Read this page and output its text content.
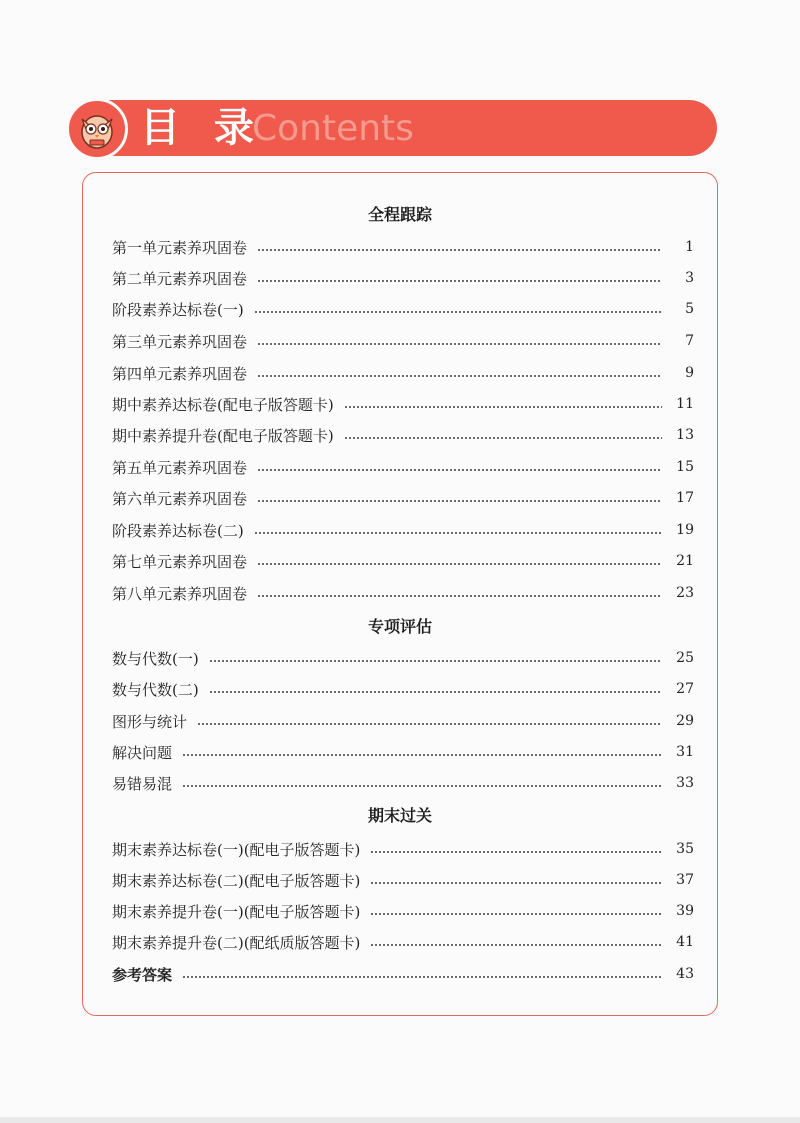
目 录
Contents
全程跟踪
第一单元素养巩固卷	1
第二单元素养巩固卷	3
阶段素养达标卷(一)	5
第三单元素养巩固卷	7
第四单元素养巩固卷	9
期中素养达标卷(配电子版答题卡)	11
期中素养提升卷(配电子版答题卡)	13
第五单元素养巩固卷	15
第六单元素养巩固卷	17
阶段素养达标卷(二)	19
第七单元素养巩固卷	21
第八单元素养巩固卷	23
专项评估
数与代数(一)	25
数与代数(二)	27
图形与统计	29
解决问题	31
易错易混	33
期末过关
期末素养达标卷(一)(配电子版答题卡)	35
期末素养达标卷(二)(配电子版答题卡)	37
期末素养提升卷(一)(配电子版答题卡)	39
期末素养提升卷(二)(配纸质版答题卡)	41
参考答案	43
